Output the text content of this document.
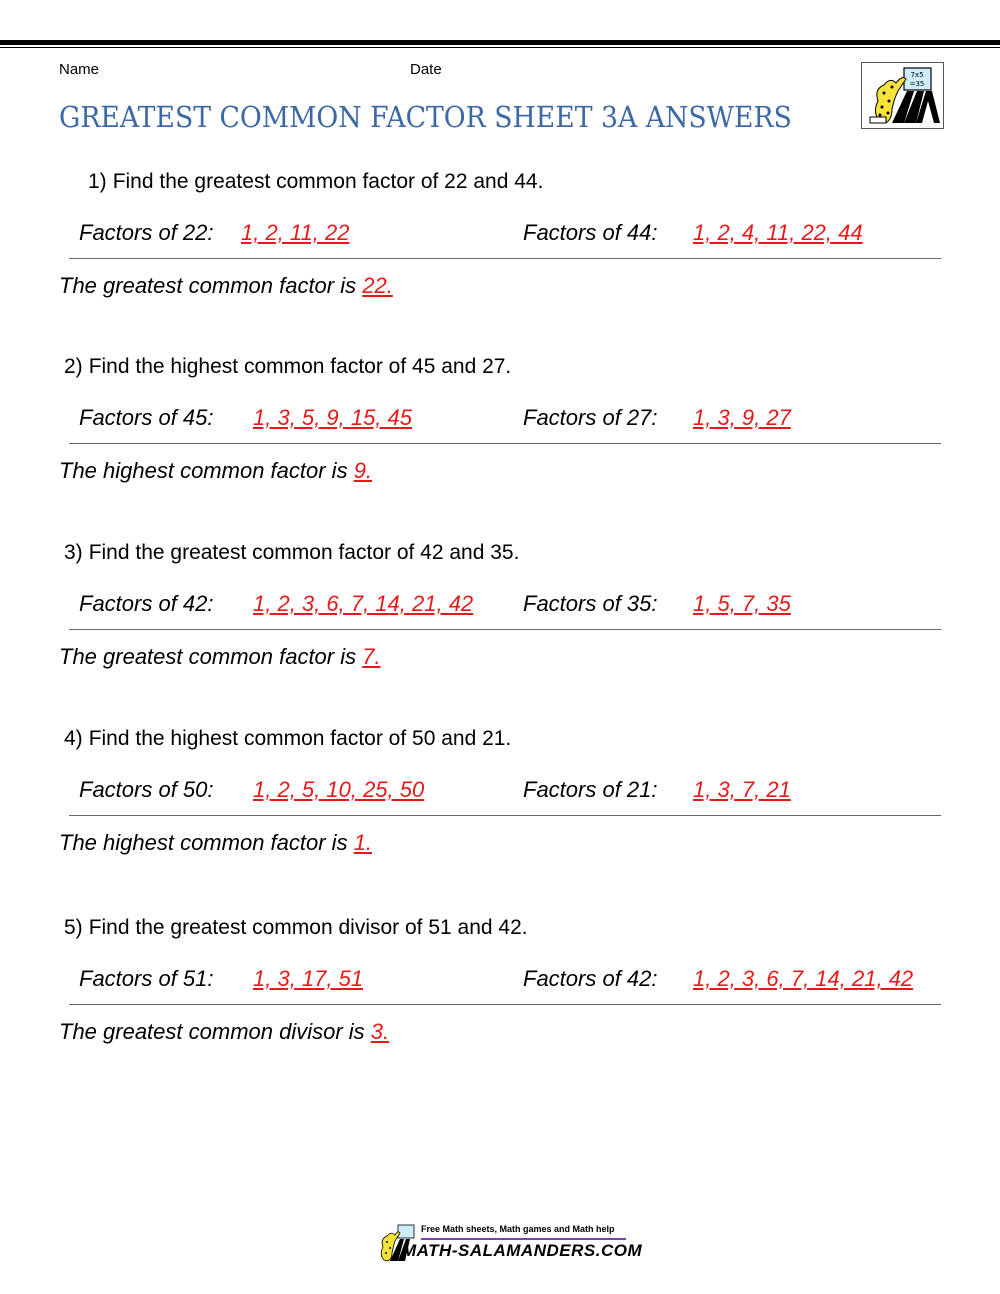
Name	Date
GREATEST COMMON FACTOR SHEET 3A ANSWERS
7x5
=35
1) Find the greatest common factor of 22 and 44.
Factors of 22: 1, 2, 11, 22	Factors of 44: 1, 2, 4, 11, 22, 44
The greatest common factor is 22.
2) Find the highest common factor of 45 and 27.
Factors of 45: 1, 3, 5, 9, 15, 45	Factors of 27: 1, 3, 9, 27
The highest common factor is 9.
3) Find the greatest common factor of 42 and 35.
Factors of 42: 1, 2, 3, 6, 7, 14, 21, 42 Factors of 35: 1, 5, 7, 35
The greatest common factor is 7.
4) Find the highest common factor of 50 and 21.
Factors of 50: 1, 2, 5, 10, 25, 50	Factors of 21: 1, 3, 7, 21
The highest common factor is 1.
5) Find the greatest common divisor of 51 and 42.
Factors of 51: 1, 3, 17, 51	Factors of 42: 1, 2, 3, 6, 7, 14, 21, 42
The greatest common divisor is 3.
Free Math sheets, Math games and Math help
MATH-SALAMANDERS.COM
